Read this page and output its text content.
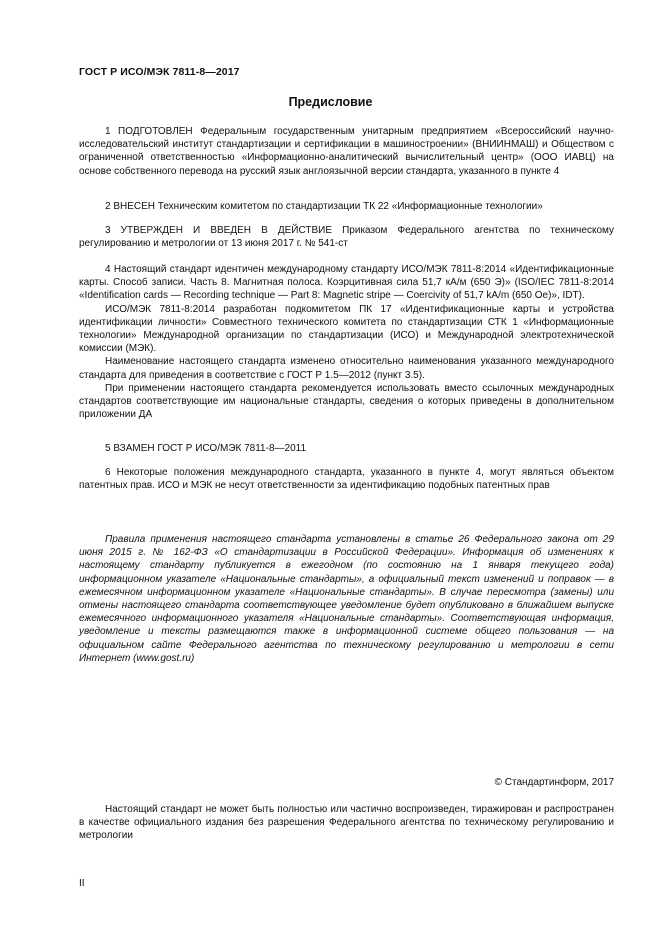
ГОСТ Р ИСО/МЭК 7811-8—2017
Предисловие

1 ПОДГОТОВЛЕН Федеральным государственным унитарным предприятием «Всероссийский научно-исследовательский институт стандартизации и сертификации в машиностроении» (ВНИИНМАШ) и Обществом с ограниченной ответственностью «Информационно-аналитический вычислительный центр» (ООО ИАВЦ) на основе собственного перевода на русский язык англоязычной версии стандарта, указанного в пункте 4

2 ВНЕСЕН Техническим комитетом по стандартизации ТК 22 «Информационные технологии»

3 УТВЕРЖДЕН И ВВЕДЕН В ДЕЙСТВИЕ Приказом Федерального агентства по техническому регулированию и метрологии от 13 июня 2017 г. № 541-ст

4 Настоящий стандарт идентичен международному стандарту ИСО/МЭК 7811-8:2014 «Идентификационные карты. Способ записи. Часть 8. Магнитная полоса. Коэрцитивная сила 51,7 кА/м (650 Э)» (ISO/IEC 7811-8:2014 «Identification cards — Recording technique — Part 8: Magnetic stripe — Coercivity of 51,7 kA/m (650 Oe)», IDT).

ИСО/МЭК 7811-8:2014 разработан подкомитетом ПК 17 «Идентификационные карты и устройства идентификации личности» Совместного технического комитета по стандартизации СТК 1 «Информационные технологии» Международной организации по стандартизации (ИСО) и Международной электротехнической комиссии (МЭК).

Наименование настоящего стандарта изменено относительно наименования указанного международного стандарта для приведения в соответствие с ГОСТ Р 1.5—2012 (пункт 3.5).

При применении настоящего стандарта рекомендуется использовать вместо ссылочных международных стандартов соответствующие им национальные стандарты, сведения о которых приведены в дополнительном приложении ДА

5 ВЗАМЕН ГОСТ Р ИСО/МЭК 7811-8—2011

6 Некоторые положения международного стандарта, указанного в пункте 4, могут являться объектом патентных прав. ИСО и МЭК не несут ответственности за идентификацию подобных патентных прав

Правила применения настоящего стандарта установлены в статье 26 Федерального закона от 29 июня 2015 г. № 162-ФЗ «О стандартизации в Российской Федерации». Информация об изменениях к настоящему стандарту публикуется в ежегодном (по состоянию на 1 января текущего года) информационном указателе «Национальные стандарты», а официальный текст изменений и поправок — в ежемесячном информационном указателе «Национальные стандарты». В случае пересмотра (замены) или отмены настоящего стандарта соответствующее уведомление будет опубликовано в ближайшем выпуске ежемесячного информационного указателя «Национальные стандарты». Соответствующая информация, уведомление и тексты размещаются также в информационной системе общего пользования — на официальном сайте Федерального агентства по техническому регулированию и метрологии в сети Интернет (www.gost.ru)

© Стандартинформ, 2017

Настоящий стандарт не может быть полностью или частично воспроизведен, тиражирован и распространен в качестве официального издания без разрешения Федерального агентства по техническому регулированию и метрологии

II
